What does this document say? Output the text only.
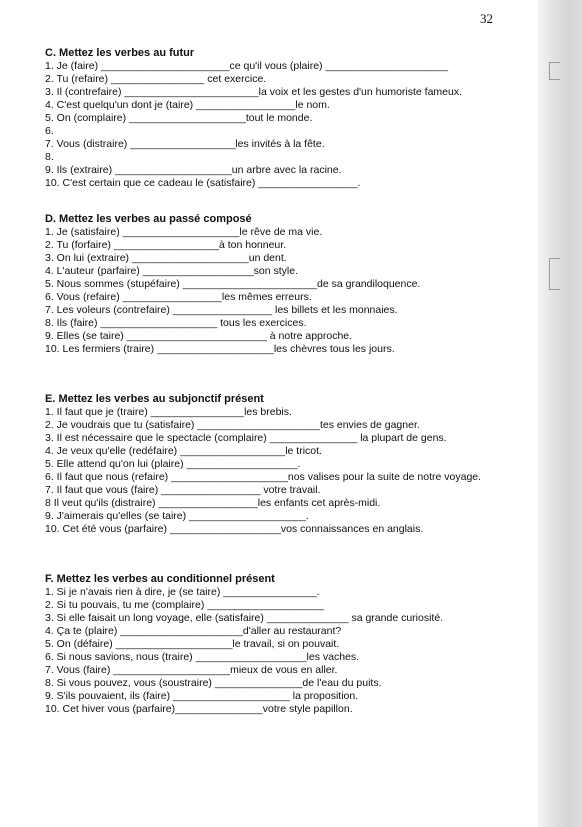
32
C. Mettez les verbes au futur
1. Je (faire) ______________________ce qu'il vous (plaire) _____________________
2. Tu (refaire) ________________ cet exercice.
3. Il (contrefaire) _______________________la voix et les gestes d'un humoriste fameux.
4. C'est quelqu'un dont je (taire) _________________le nom.
5. On (complaire) ____________________tout le monde.
6.
7. Vous (distraire) __________________les invités à la fête.
8.
9. Ils (extraire) ____________________un arbre avec la racine.
10. C'est certain que ce cadeau le (satisfaire) _________________.
D. Mettez les verbes au passé composé
1. Je (satisfaire) ____________________le rêve de ma vie.
2. Tu (forfaire) __________________à ton honneur.
3. On lui (extraire) ____________________un dent.
4. L'auteur (parfaire) ___________________son style.
5. Nous sommes (stupéfaire) _______________________de sa grandiloquence.
6. Vous (refaire) _________________les mêmes erreurs.
7. Les voleurs (contrefaire) _________________ les billets et les monnaies.
8. Ils (faire) ____________________ tous les exercices.
9. Elles (se taire) ________________________ à notre approche.
10. Les fermiers (traire) ____________________les chèvres tous les jours.
E. Mettez les verbes au subjonctif présent
1. Il faut que je (traire) ________________les brebis.
2. Je voudrais que tu (satisfaire) _____________________tes envies de gagner.
3. Il est nécessaire que le spectacle (complaire) _______________ la plupart de gens.
4. Je veux qu'elle (redéfaire) __________________le tricot.
5. Elle attend qu'on lui (plaire) ___________________.
6. Il faut que nous (refaire) ____________________nos valises pour la suite de notre voyage.
7. Il faut que vous (faire) _________________ votre travail.
8 Il veut qu'ils (distraire) _________________les enfants cet après-midi.
9. J'aimerais qu'elles (se taire) ____________________.
10. Cet été vous (parfaire) ___________________vos connaissances en anglais.
F. Mettez les verbes au conditionnel présent
1. Si je n'avais rien à dire, je (se taire) ________________.
2. Si tu pouvais, tu me (complaire) ____________________
3. Si elle faisait un long voyage, elle (satisfaire) ______________ sa grande curiosité.
4. Ça te (plaire) _____________________d'aller au restaurant?
5. On (défaire) ____________________le travail, si on pouvait.
6. Si nous savions, nous (traire) ___________________les vaches.
7. Vous (faire) ____________________mieux de vous en aller.
8. Si vous pouvez, vous (soustraire) _______________de l'eau du puits.
9. S'ils pouvaient, ils (faire) ____________________ la proposition.
10. Cet hiver vous (parfaire)_______________votre style papillon.
